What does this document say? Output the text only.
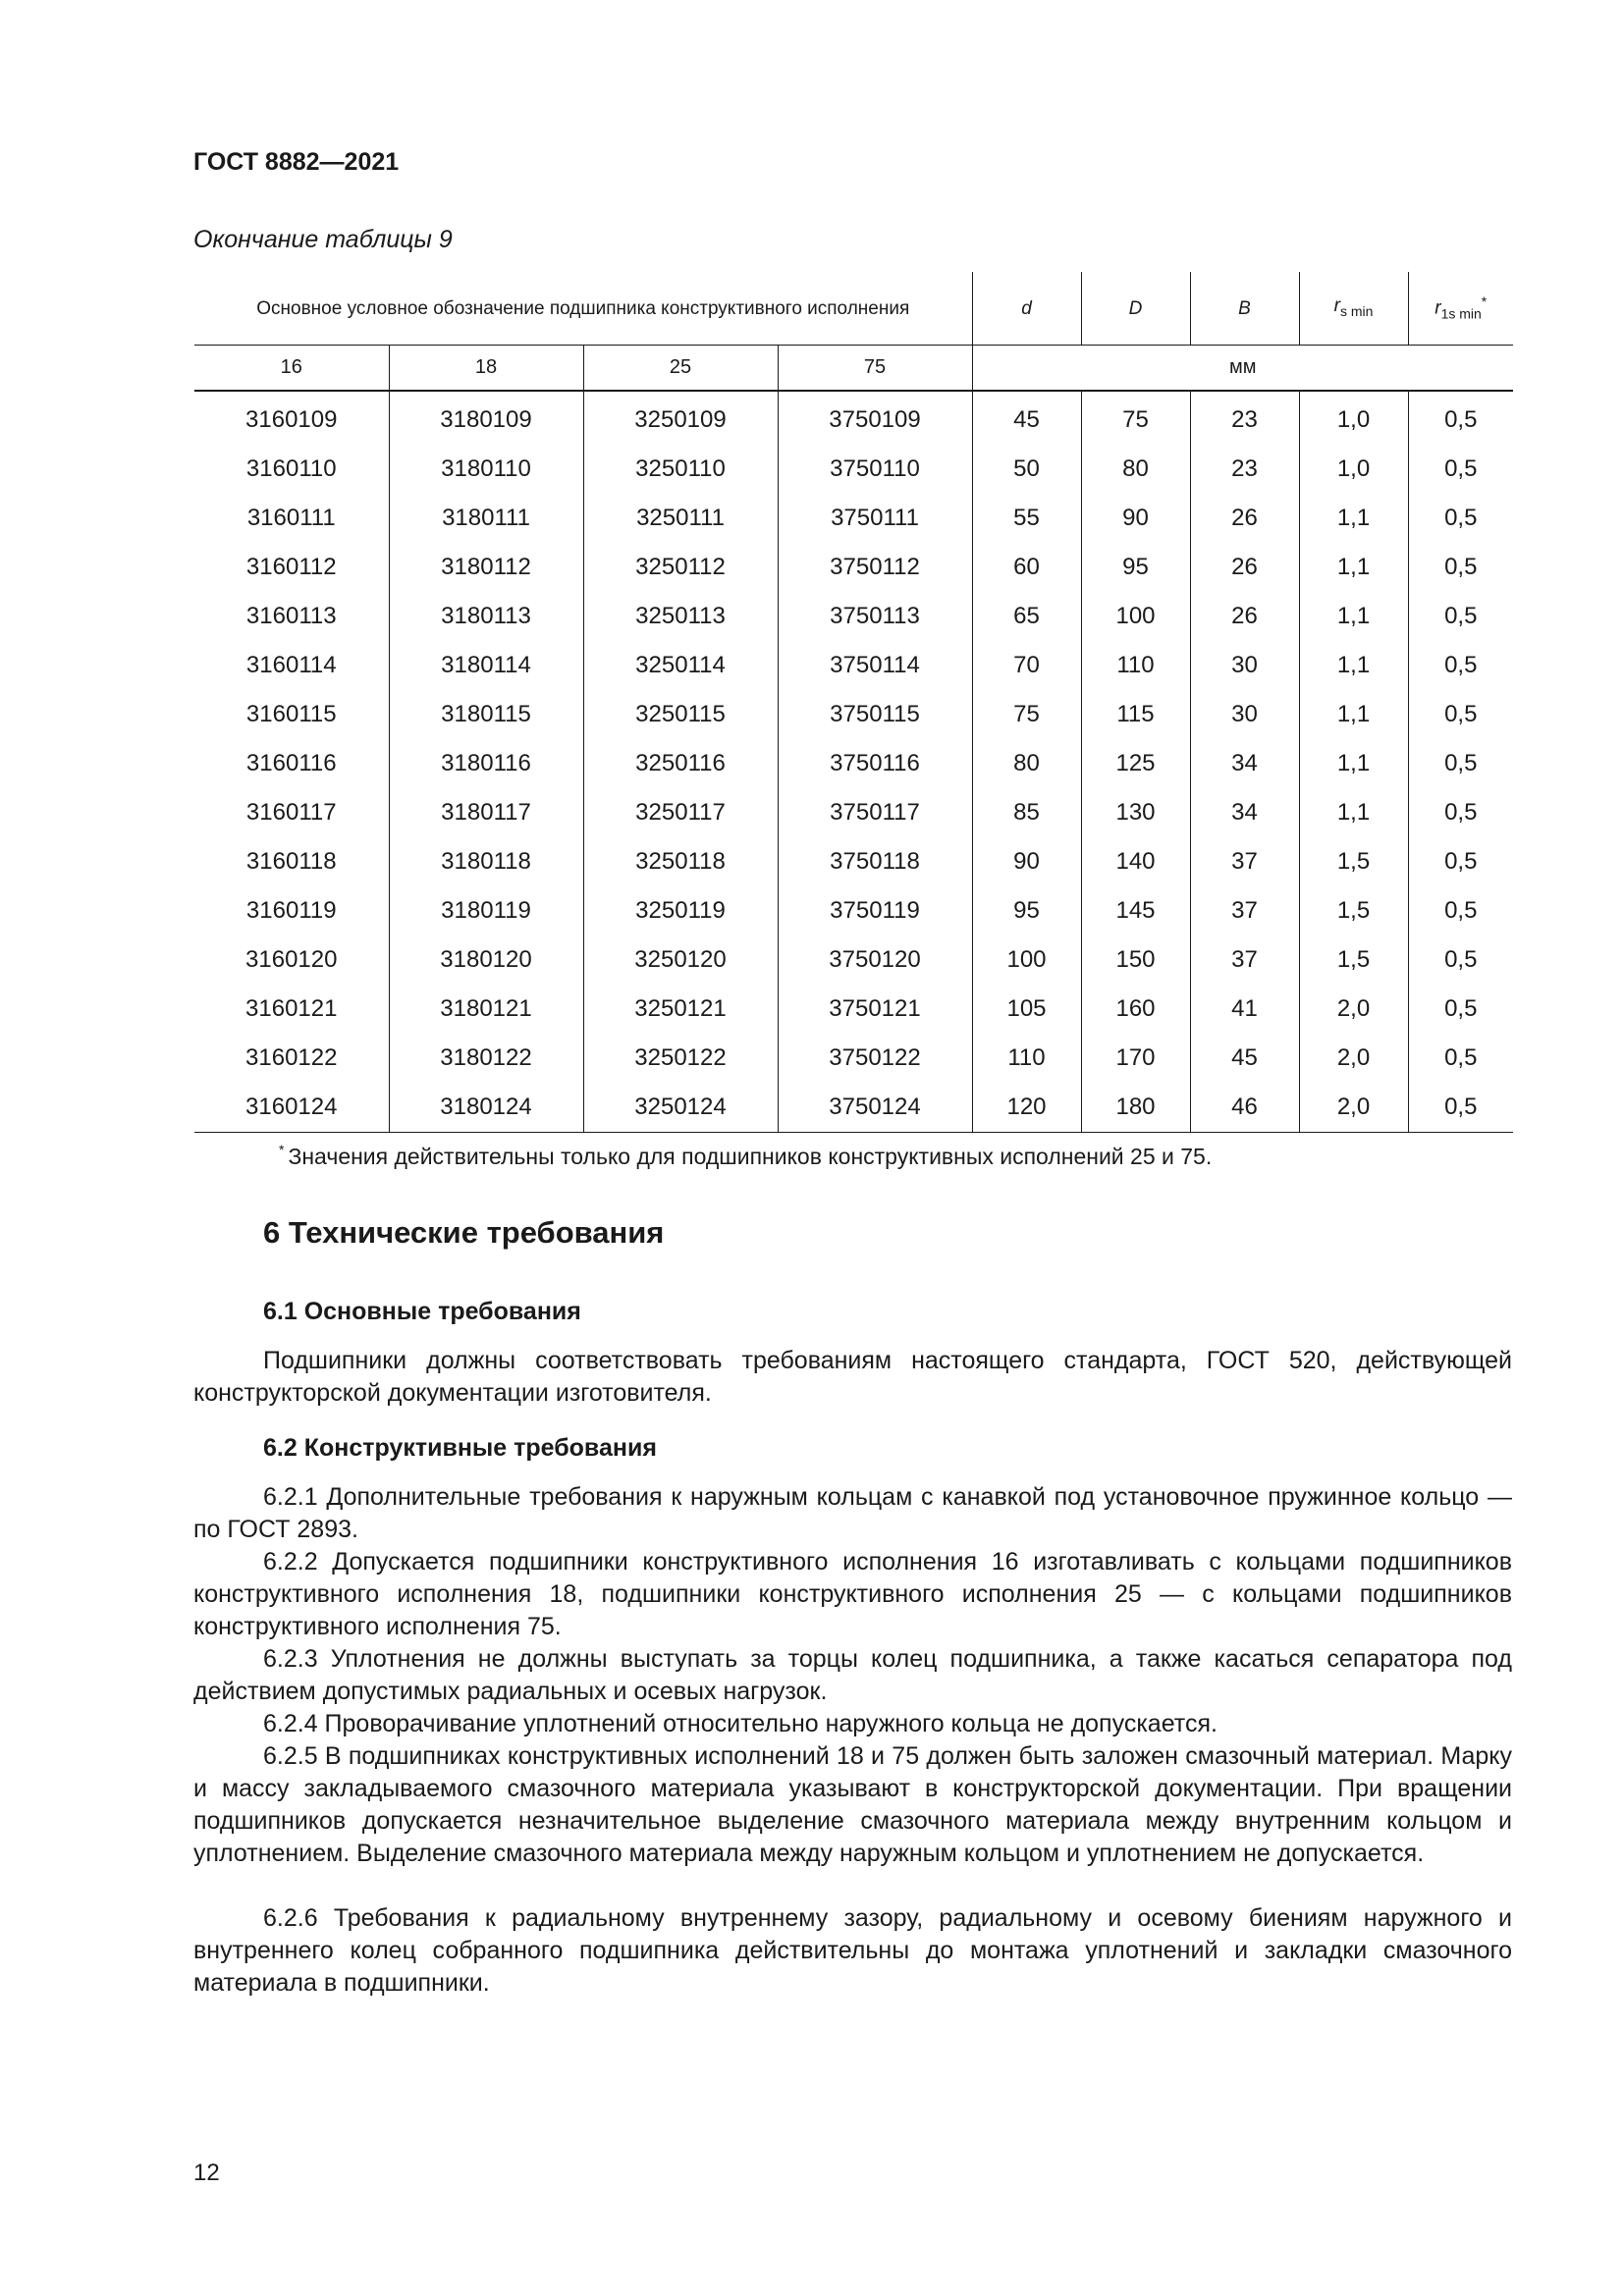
ГОСТ 8882—2021
Окончание таблицы 9
Основное условное обозначение подшипника конструктивного исполнения				d	D	B	$r_{s min}$	$r_{1s min}^*$
16	18	25	75	мм				
3160109	3180109	3250109	3750109	45	75	23	1,0	0,5
3160110	3180110	3250110	3750110	50	80	23	1,0	0,5
3160111	3180111	3250111	3750111	55	90	26	1,1	0,5
3160112	3180112	3250112	3750112	60	95	26	1,1	0,5
3160113	3180113	3250113	3750113	65	100	26	1,1	0,5
3160114	3180114	3250114	3750114	70	110	30	1,1	0,5
3160115	3180115	3250115	3750115	75	115	30	1,1	0,5
3160116	3180116	3250116	3750116	80	125	34	1,1	0,5
3160117	3180117	3250117	3750117	85	130	34	1,1	0,5
3160118	3180118	3250118	3750118	90	140	37	1,5	0,5
3160119	3180119	3250119	3750119	95	145	37	1,5	0,5
3160120	3180120	3250120	3750120	100	150	37	1,5	0,5
3160121	3180121	3250121	3750121	105	160	41	2,0	0,5
3160122	3180122	3250122	3750122	110	170	45	2,0	0,5
3160124	3180124	3250124	3750124	120	180	46	2,0	0,5
* Значения действительны только для подшипников конструктивных исполнений 25 и 75.								
6 Технические требования
6.1 Основные требования

Подшипники должны соответствовать требованиям настоящего стандарта, ГОСТ 520, действующей конструкторской документации изготовителя.

6.2 Конструктивные требования

6.2.1 Дополнительные требования к наружным кольцам с канавкой под установочное пружинное кольцо — по ГОСТ 2893.

6.2.2 Допускается подшипники конструктивного исполнения 16 изготавливать с кольцами подшипников конструктивного исполнения 18, подшипники конструктивного исполнения 25 — с кольцами подшипников конструктивного исполнения 75.

6.2.3 Уплотнения не должны выступать за торцы колец подшипника, а также касаться сепаратора под действием допустимых радиальных и осевых нагрузок.

6.2.4 Проворачивание уплотнений относительно наружного кольца не допускается.

6.2.5 В подшипниках конструктивных исполнений 18 и 75 должен быть заложен смазочный материал. Марку и массу закладываемого смазочного материала указывают в конструкторской документации. При вращении подшипников допускается незначительное выделение смазочного материала между внутренним кольцом и уплотнением. Выделение смазочного материала между наружным кольцом и уплотнением не допускается.

6.2.6 Требования к радиальному внутреннему зазору, радиальному и осевому биениям наружного и внутреннего колец собранного подшипника действительны до монтажа уплотнений и закладки смазочного материала в подшипники.

12
